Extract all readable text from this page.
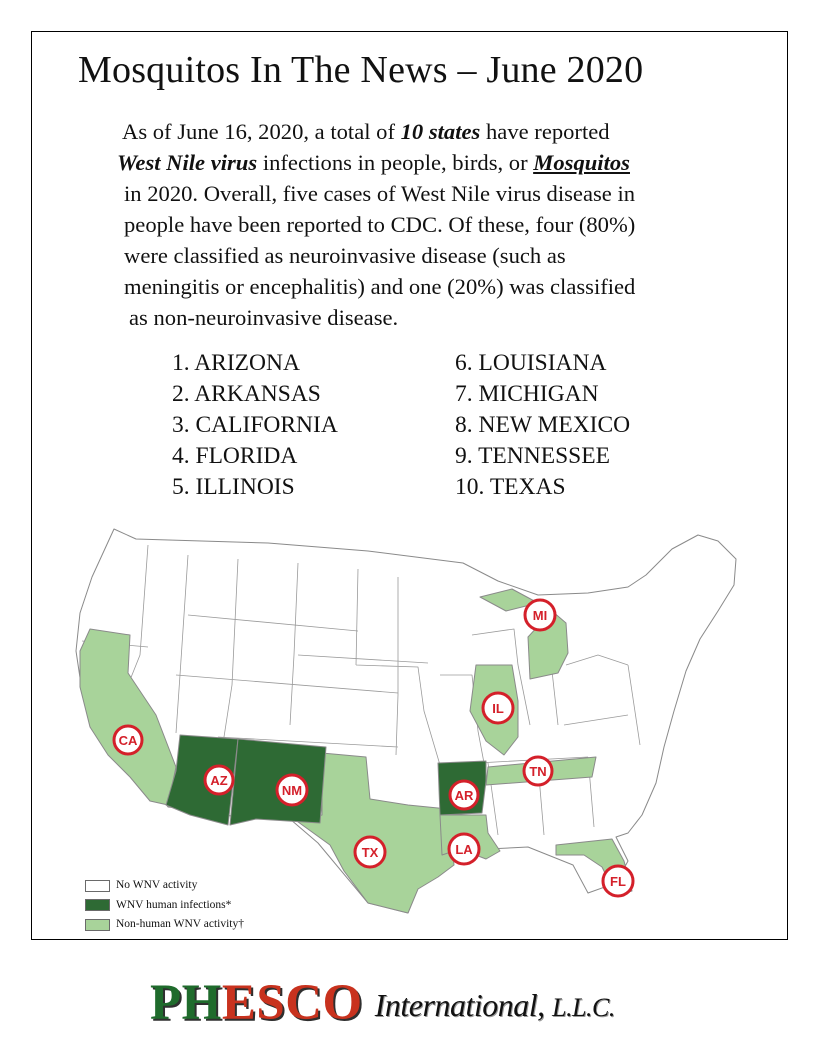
Mosquitos In The News – June 2020
As of June 16, 2020, a total of 10 states have reported
West Nile virus infections in people, birds, or Mosquitos
in 2020. Overall, five cases of West Nile virus disease in
people have been reported to CDC. Of these, four (80%)
were classified as neuroinvasive disease (such as
meningitis or encephalitis) and one (20%) was classified
as non-neuroinvasive disease.
1. ARIZONA
2. ARKANSAS
3. CALIFORNIA
4. FLORIDA
5. ILLINOIS
6. LOUISIANA
7. MICHIGAN
8. NEW MEXICO
9. TENNESSEE
10. TEXAS
CA
AZ
NM
TX
AR
LA
TN
IL
MI
FL
No WNV activity
WNV human infections*
Non-human WNV activity†
PHESCO International, L.L.C.
